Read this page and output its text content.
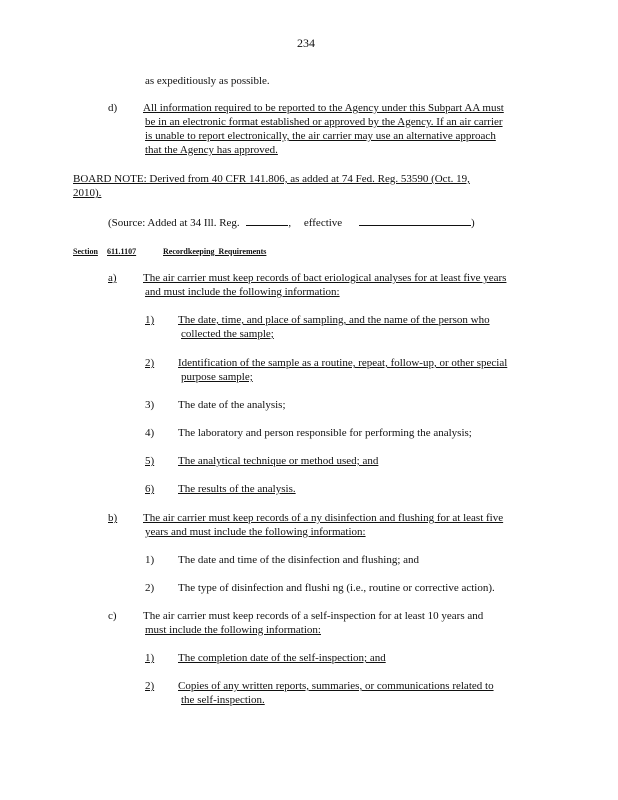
234
as expeditiously as possible.
d) All information required to be reported to the Agency under this Subpart AA must
be in an electronic format established or approved by the Agency. If an air carrier
is unable to report electronically, the air carrier may use an alternative approach
that the Agency has approved.
BOARD NOTE: Derived from 40 CFR 141.806, as added at 74 Fed. Reg. 53590 (Oct. 19,
2010).
(Source: Added at 34 Ill. Reg.	, effective	)
Section 611.1107	Recordkeeping Requirements
a) The air carrier must keep records of bact eriological analyses for at least five years
and must include the following information:
1) The date, time, and place of sampling, and the name of the person who
collected the sample;
2) Identification of the sample as a routine, repeat, follow-up, or other special
purpose sample;
3) The date of the analysis;
4) The laboratory and person responsible for performing the analysis;
5) The analytical technique or method used; and
6) The results of the analysis.
b) The air carrier must keep records of a ny disinfection and flushing for at least five
years and must include the following information:
1) The date and time of the disinfection and flushing; and
2) The type of disinfection and flushi ng (i.e., routine or corrective action).
c) The air carrier must keep records of a self-inspection for at least 10 years and
must include the following information:
1) The completion date of the self-inspection; and
2) Copies of any written reports, summaries, or communications related to
the self-inspection.
